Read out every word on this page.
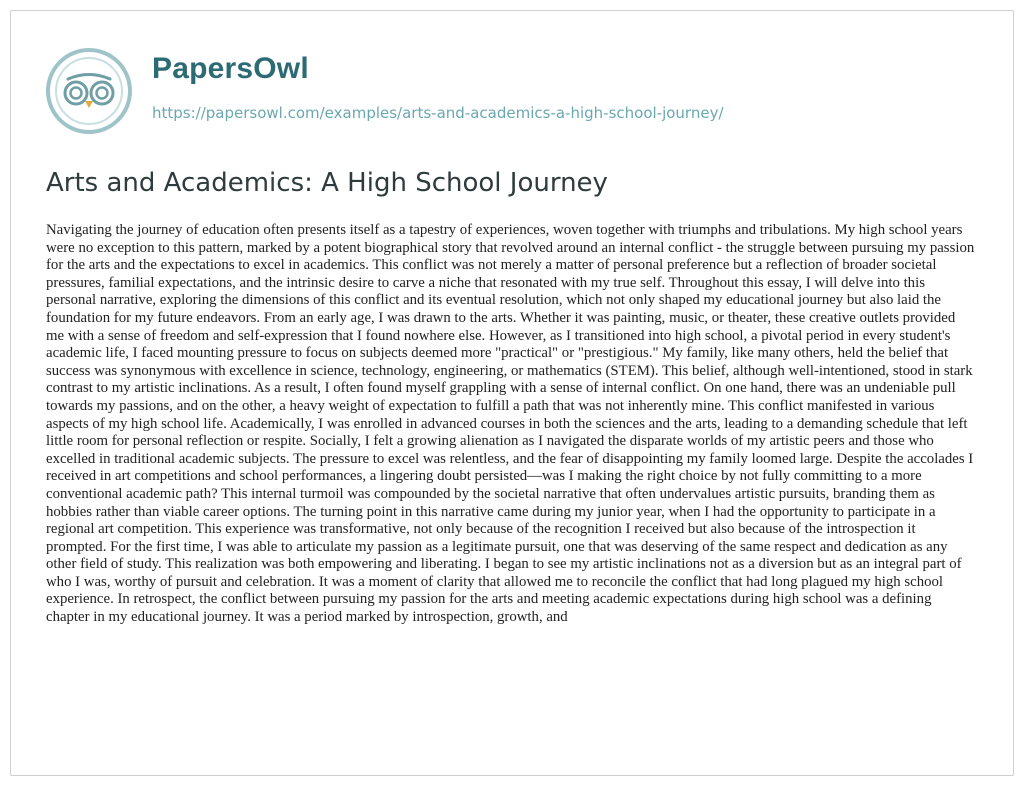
PapersOwl
https://papersowl.com/examples/arts-and-academics-a-high-school-journey/
Arts and Academics: A High School Journey

Navigating the journey of education often presents itself as a tapestry of experiences, woven together with triumphs and tribulations. My high school years were no exception to this pattern, marked by a potent biographical story that revolved around an internal conflict - the struggle between pursuing my passion for the arts and the expectations to excel in academics. This conflict was not merely a matter of personal preference but a reflection of broader societal pressures, familial expectations, and the intrinsic desire to carve a niche that resonated with my true self. Throughout this essay, I will delve into this personal narrative, exploring the dimensions of this conflict and its eventual resolution, which not only shaped my educational journey but also laid the foundation for my future endeavors. From an early age, I was drawn to the arts. Whether it was painting, music, or theater, these creative outlets provided me with a sense of freedom and self-expression that I found nowhere else. However, as I transitioned into high school, a pivotal period in every student's academic life, I faced mounting pressure to focus on subjects deemed more "practical" or "prestigious." My family, like many others, held the belief that success was synonymous with excellence in science, technology, engineering, or mathematics (STEM). This belief, although well-intentioned, stood in stark contrast to my artistic inclinations. As a result, I often found myself grappling with a sense of internal conflict. On one hand, there was an undeniable pull towards my passions, and on the other, a heavy weight of expectation to fulfill a path that was not inherently mine. This conflict manifested in various aspects of my high school life. Academically, I was enrolled in advanced courses in both the sciences and the arts, leading to a demanding schedule that left little room for personal reflection or respite. Socially, I felt a growing alienation as I navigated the disparate worlds of my artistic peers and those who excelled in traditional academic subjects. The pressure to excel was relentless, and the fear of disappointing my family loomed large. Despite the accolades I received in art competitions and school performances, a lingering doubt persisted—was I making the right choice by not fully committing to a more conventional academic path? This internal turmoil was compounded by the societal narrative that often undervalues artistic pursuits, branding them as hobbies rather than viable career options. The turning point in this narrative came during my junior year, when I had the opportunity to participate in a regional art competition. This experience was transformative, not only because of the recognition I received but also because of the introspection it prompted. For the first time, I was able to articulate my passion as a legitimate pursuit, one that was deserving of the same respect and dedication as any other field of study. This realization was both empowering and liberating. I began to see my artistic inclinations not as a diversion but as an integral part of who I was, worthy of pursuit and celebration. It was a moment of clarity that allowed me to reconcile the conflict that had long plagued my high school experience. In retrospect, the conflict between pursuing my passion for the arts and meeting academic expectations during high school was a defining chapter in my educational journey. It was a period marked by introspection, growth, and
